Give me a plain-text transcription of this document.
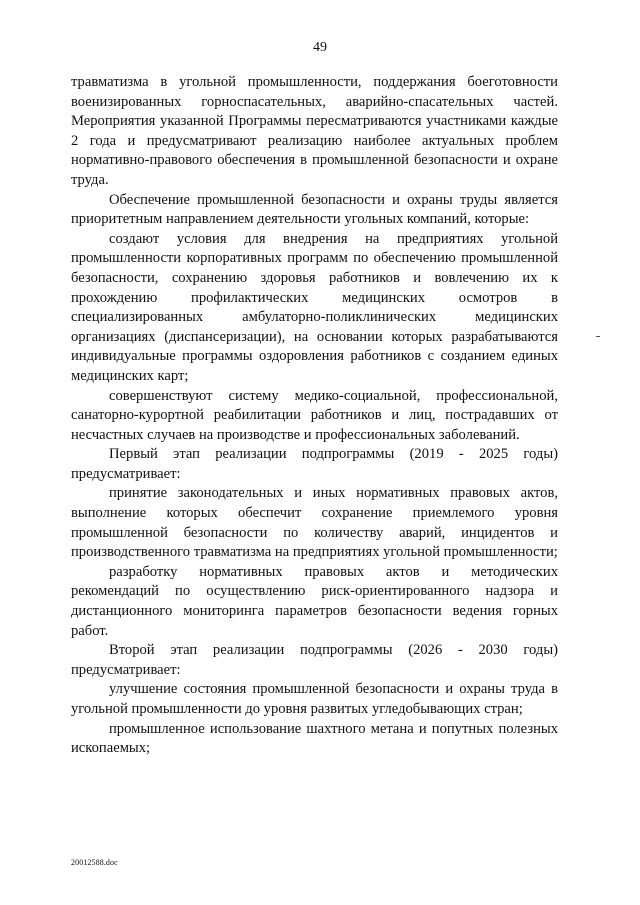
49

травматизма в угольной промышленности, поддержания боеготовности военизированных горноспасательных, аварийно-спасательных частей. Мероприятия указанной Программы пересматриваются участниками каждые 2 года и предусматривают реализацию наиболее актуальных проблем нормативно-правового обеспечения в промышленной безопасности и охране труда.

Обеспечение промышленной безопасности и охраны труды является приоритетным направлением деятельности угольных компаний, которые:

создают условия для внедрения на предприятиях угольной промышленности корпоративных программ по обеспечению промышленной безопасности, сохранению здоровья работников и вовлечению их к прохождению профилактических медицинских осмотров в специализированных амбулаторно-поликлинических медицинских организациях (диспансеризации), на основании которых разрабатываются индивидуальные программы оздоровления работников с созданием единых медицинских карт;

совершенствуют систему медико-социальной, профессиональной, санаторно-курортной реабилитации работников и лиц, пострадавших от несчастных случаев на производстве и профессиональных заболеваний.

Первый этап реализации подпрограммы (2019 - 2025 годы) предусматривает:

принятие законодательных и иных нормативных правовых актов, выполнение которых обеспечит сохранение приемлемого уровня промышленной безопасности по количеству аварий, инцидентов и производственного травматизма на предприятиях угольной промышленности;

разработку нормативных правовых актов и методических рекомендаций по осуществлению риск-ориентированного надзора и дистанционного мониторинга параметров безопасности ведения горных работ.

Второй этап реализации подпрограммы (2026 - 2030 годы) предусматривает:

улучшение состояния промышленной безопасности и охраны труда в угольной промышленности до уровня развитых угледобывающих стран;

промышленное использование шахтного метана и попутных полезных ископаемых;

20012588.doc
